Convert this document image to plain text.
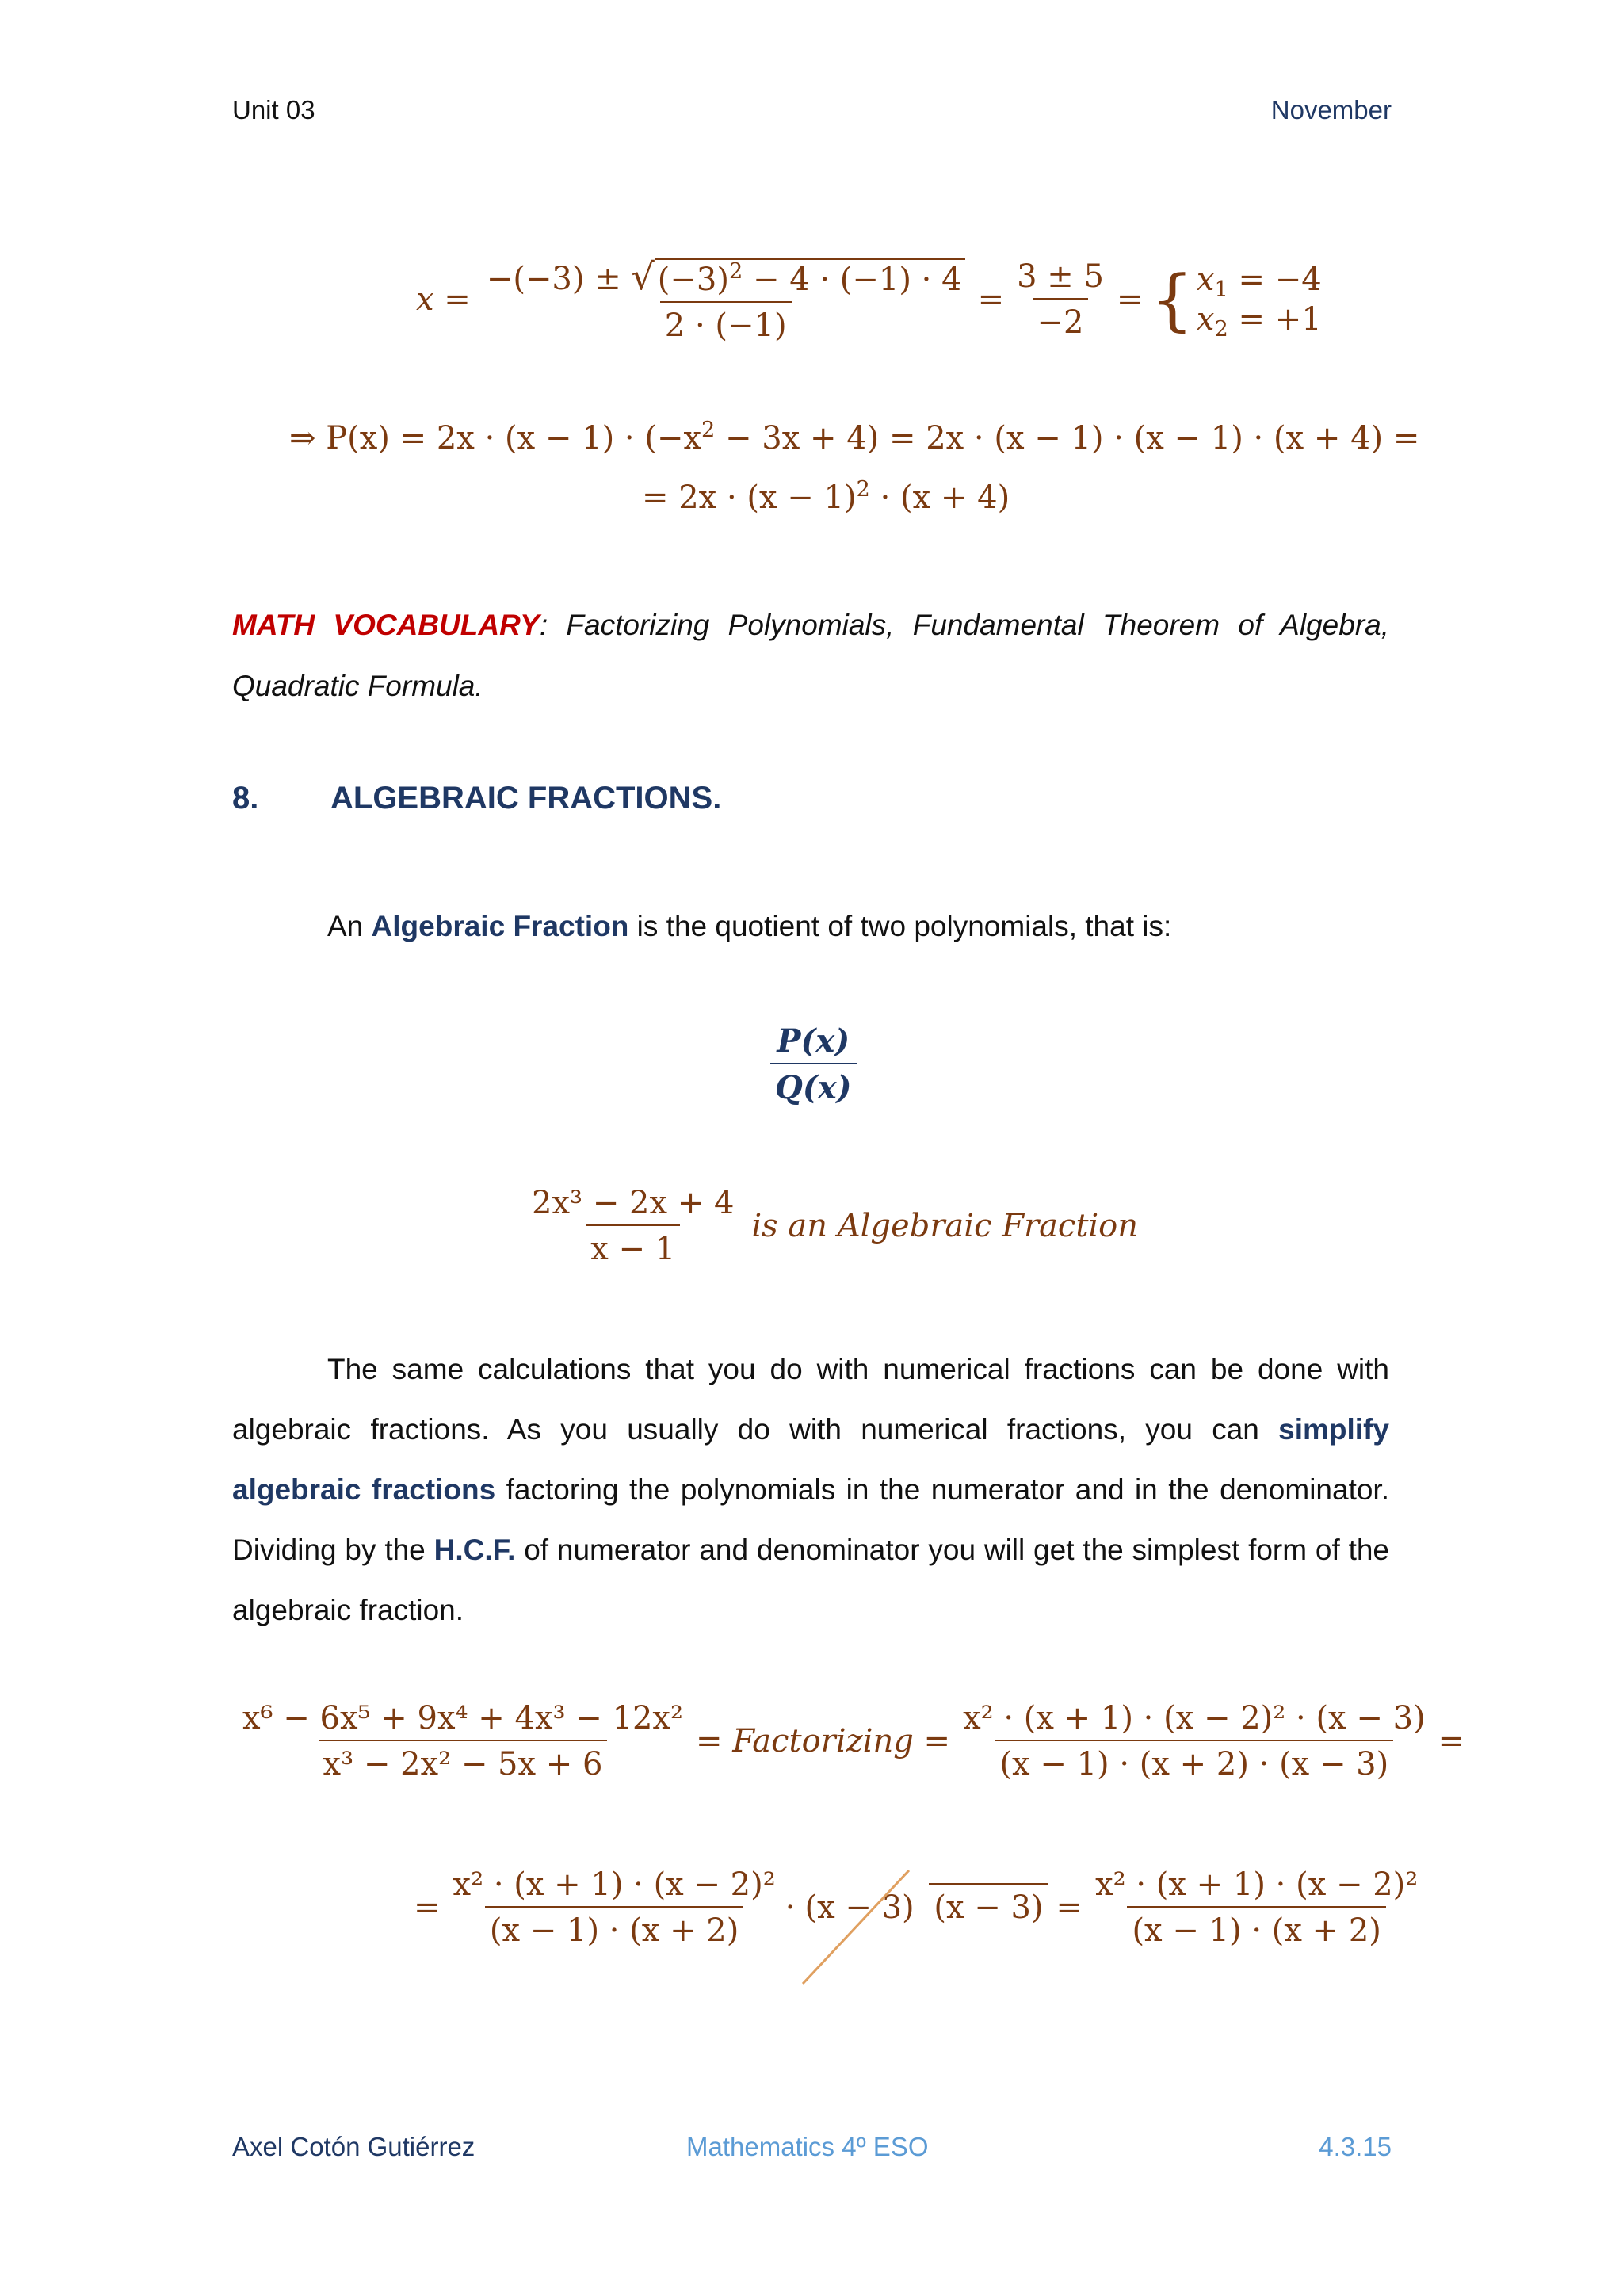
Unit 03	November
$x = \frac{-(-3) \pm √ (-3)^2 - 4 \cdot (-1) \cdot 4}{2 \cdot (-1)} = \frac{3 \pm 5}{-2}$ = { $x_1 = -4$
$x_2 = +1$
⇒ $P(x) = 2x \cdot (x - 1) \cdot (-x^2 - 3x + 4) = 2x \cdot (x - 1) \cdot (x - 1) \cdot (x + 4)$ =
= $2x \cdot (x - 1)^2 \cdot (x + 4)$
MATH VOCABULARY: Factorizing Polynomials, Fundamental Theorem of Algebra, Quadratic Formula.
8. ALGEBRAIC FRACTIONS.
An Algebraic Fraction is the quotient of two polynomials, that is:
$\frac{P(x)}{Q(x)}$
$\frac{\text{2x³ − 2x + 4}}{x - 1}$ is an Algebraic Fraction
The same calculations that you do with numerical fractions can be done with algebraic fractions. As you usually do with numerical fractions, you can simplify algebraic fractions factoring the polynomials in the numerator and in the denominator. Dividing by the H.C.F. of numerator and denominator you will get the simplest form of the algebraic fraction.
$\frac{\text{x⁶ − 6x⁵ + 9x⁴ + 4x³ − 12x²}}{\text{x³ − 2x² − 5x + 6}}$ = Factorizing = $\frac{\text{x² · (x + 1) · (x − 2)² · (x − 3)}}{(x - 1) \cdot (x + 2) \cdot (x - 3)}$ =
= $\frac{\text{x² · (x + 1) · (x − 2)²}}{(x - 1) \cdot (x + 2)} \cdot (x - 3) (x - 3) = \frac{\text{x² · (x + 1) · (x − 2)²}}{(x - 1) \cdot (x + 2)}$
Axel Cotón Gutiérrez	Mathematics 4º ESO	4.3.15
